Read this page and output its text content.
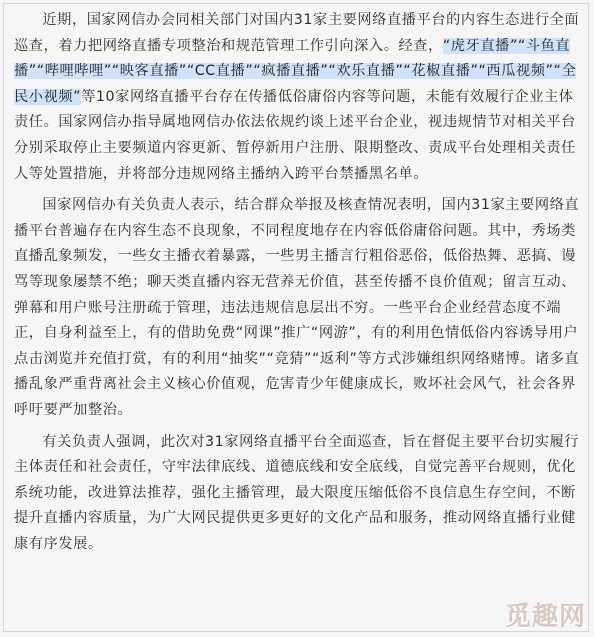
近期，国家网信办会同相关部门对国内31家主要网络直播平台的内容生态进行全面巡查，着力把网络直播专项整治和规范管理工作引向深入。经查，“虎牙直播”“斗鱼直播”“哔哩哔哩”“映客直播”“CC直播”“疯播直播”“欢乐直播”“花椒直播”“西瓜视频”“全民小视频”等10家网络直播平台存在传播低俗庸俗内容等问题，未能有效履行企业主体责任。国家网信办指导属地网信办依法依规约谈上述平台企业，视违规情节对相关平台分别采取停止主要频道内容更新、暂停新用户注册、限期整改、责成平台处理相关责任人等处置措施，并将部分违规网络主播纳入跨平台禁播黑名单。

国家网信办有关负责人表示，结合群众举报及核查情况表明，国内31家主要网络直播平台普遍存在内容生态不良现象，不同程度地存在内容低俗庸俗问题。其中，秀场类直播乱象频发，一些女主播衣着暴露，一些男主播言行粗俗恶俗，低俗热舞、恶搞、谩骂等现象屡禁不绝；聊天类直播内容无营养无价值，甚至传播不良价值观；留言互动、弹幕和用户账号注册疏于管理，违法违规信息层出不穷。一些平台企业经营态度不端正，自身利益至上，有的借助免费“网课”推广“网游”，有的利用色情低俗内容诱导用户点击浏览并充值打赏，有的利用“抽奖”“竞猜”“返利”等方式涉嫌组织网络赌博。诸多直播乱象严重背离社会主义核心价值观，危害青少年健康成长，败坏社会风气，社会各界呼吁要严加整治。

有关负责人强调，此次对31家网络直播平台全面巡查，旨在督促主要平台切实履行主体责任和社会责任，守牢法律底线、道德底线和安全底线，自觉完善平台规则，优化系统功能，改进算法推荐，强化主播管理，最大限度压缩低俗不良信息生存空间，不断提升直播内容质量，为广大网民提供更多更好的文化产品和服务，推动网络直播行业健康有序发展。

觅趣网
